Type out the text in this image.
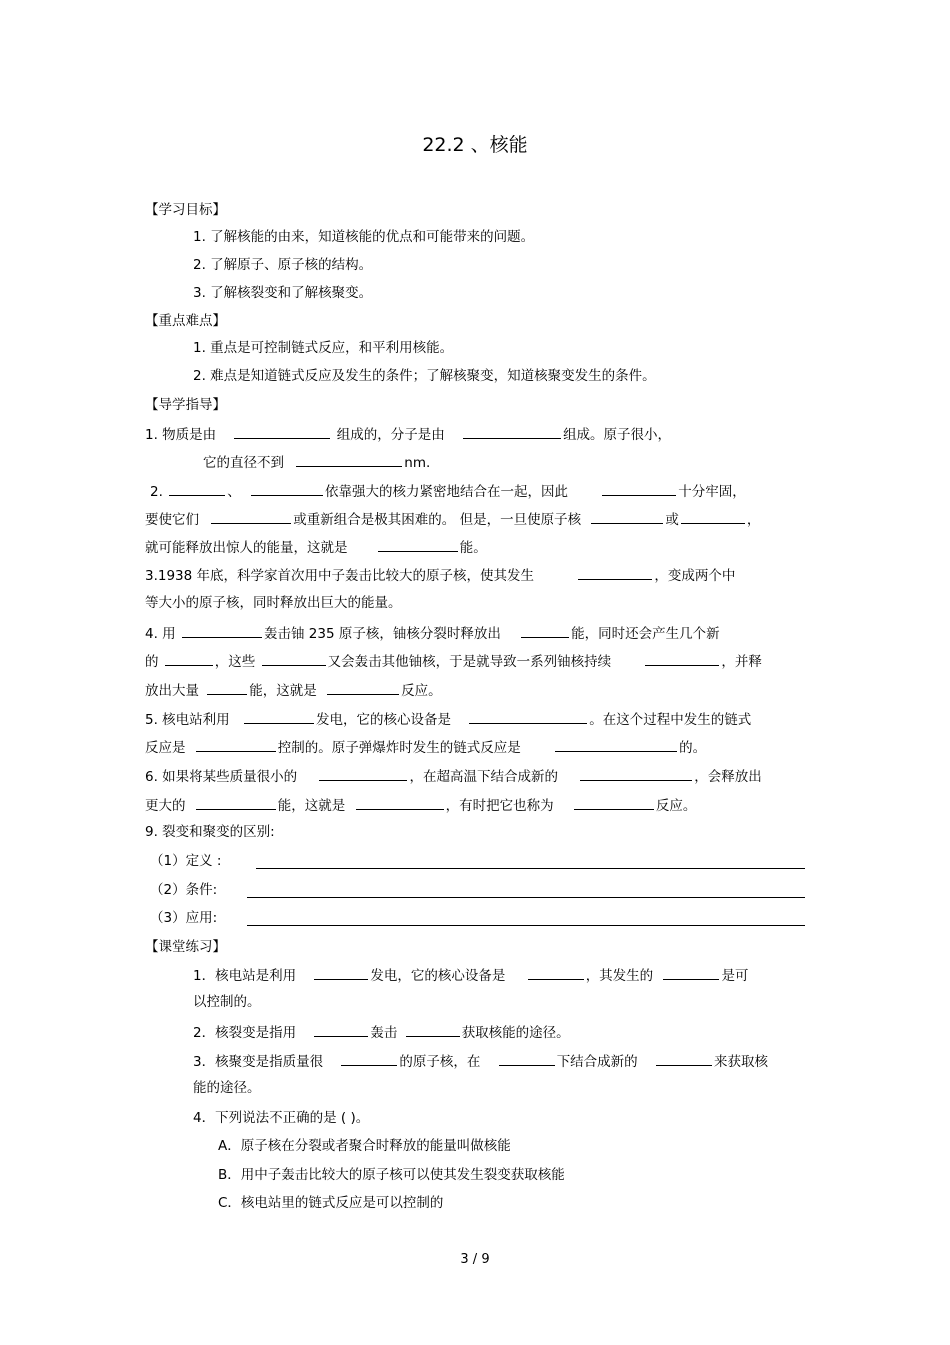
22.2 、核能
【学习目标】
1. 了解核能的由来，知道核能的优点和可能带来的问题。
2. 了解原子、原子核的结构。
3. 了解核裂变和了解核聚变。
【重点难点】
1. 重点是可控制链式反应，和平利用核能。
2. 难点是知道链式反应及发生的条件；了解核聚变，知道核聚变发生的条件。
【导学指导】
1. 物质是由	组成的，分子是由	组成。原子很小，
它的直径不到	nm.
2.	、	依靠强大的核力紧密地结合在一起，因此	十分牢固，
要使它们	或重新组合是极其困难的。 但是，一旦使原子核	或	，
就可能释放出惊人的能量，这就是	能。
3.1938 年底，科学家首次用中子轰击比较大的原子核，使其发生	，变成两个中
等大小的原子核，同时释放出巨大的能量。
4. 用	轰击铀 235 原子核，铀核分裂时释放出	能，同时还会产生几个新
的	，这些	又会轰击其他铀核，于是就导致一系列铀核持续	，并释
放出大量	能，这就是	反应。
5. 核电站利用	发电，它的核心设备是	。在这个过程中发生的链式
反应是	控制的。原子弹爆炸时发生的链式反应是	的。
6. 如果将某些质量很小的	，在超高温下结合成新的	，会释放出
更大的	能，这就是	，有时把它也称为	反应。
9. 裂变和聚变的区别:
（1）定义 :
（2）条件:
（3）应用:
【课堂练习】
1．核电站是利用	发电，它的核心设备是	，其发生的	是可
以控制的。
2．核裂变是指用	轰击	获取核能的途径。
3．核聚变是指质量很	的原子核，在	下结合成新的	来获取核
能的途径。
4．下列说法不正确的是 ( )。
A．原子核在分裂或者聚合时释放的能量叫做核能
B．用中子轰击比较大的原子核可以使其发生裂变获取核能
C．核电站里的链式反应是可以控制的
3 / 9
